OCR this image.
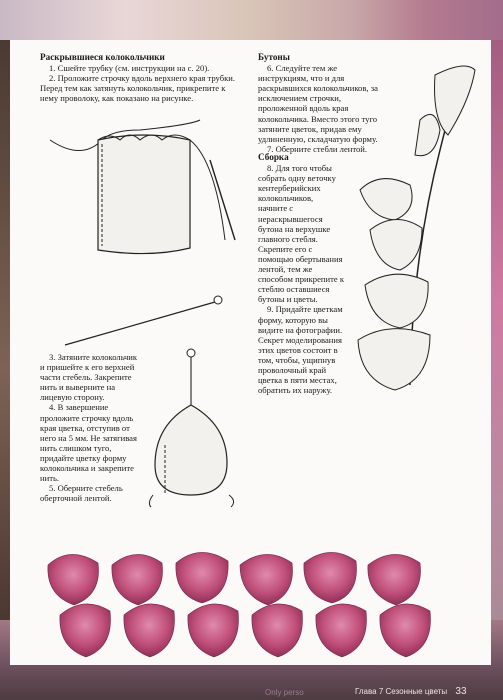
Раскрывшиеся колокольчики

1. Сшейте трубку (см. инструкции на с. 20).

2. Проложите строчку вдоль верхнего края трубки. Перед тем как затянуть колокольчик, прикрепите к нему проволоку, как показано на рисунке.

3. Затяните колокольчик и пришейте к его верхней части стебель. Закрепите нить и выверните на лицевую сторону.

4. В завершение проложите строчку вдоль края цветка, отступив от него на 5 мм. Не затягивая нить слишком туго, придайте цветку форму колокольчика и закрепите нить.

5. Оберните стебель оберточной лентой.

Бутоны

6. Следуйте тем же инструкциям, что и для раскрывшихся колокольчиков, за исключением строчки, проложенной вдоль края колокольчика. Вместо этого туго затяните цветок, придав ему удлиненную, складчатую форму.

7. Оберните стебли лентой.

Сборка

8. Для того чтобы собрать одну веточку кентерберийских колокольчиков, начните с нераскрывшегося бутона на верхушке главного стебля. Скрепите его с помощью обертывания лентой, тем же способом прикрепите к стеблю оставшиеся бутоны и цветы.

9. Придайте цветкам форму, которую вы видите на фотографии. Секрет моделирования этих цветов состоит в том, чтобы, ущипнув проволочный край цветка в пяти местах, обратить их наружу.

Only perso	Глава 7 Сезонные цветы 33
